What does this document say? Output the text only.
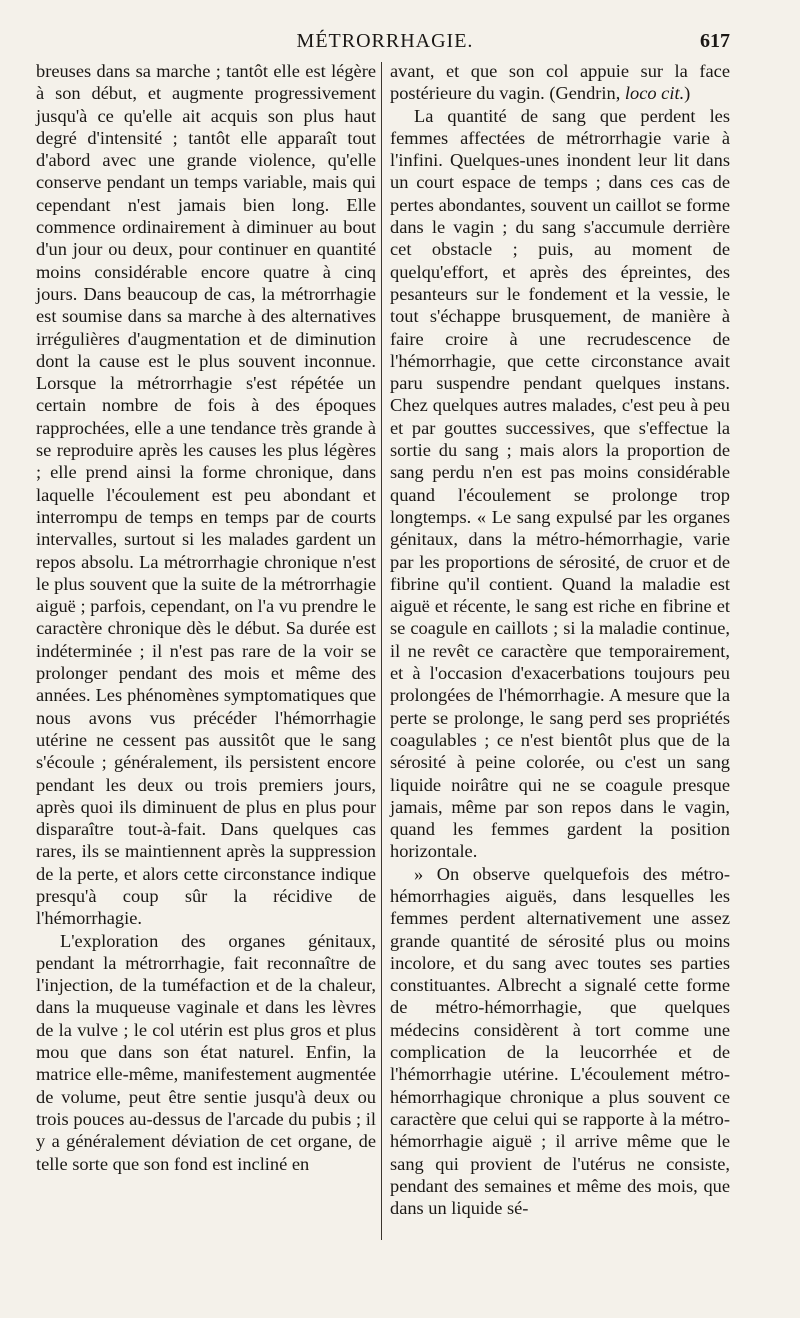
MÉTRORRHAGIE.	617

breuses dans sa marche ; tantôt elle est légère à son début, et augmente progressivement jusqu'à ce qu'elle ait acquis son plus haut degré d'intensité ; tantôt elle apparaît tout d'abord avec une grande violence, qu'elle conserve pendant un temps variable, mais qui cependant n'est jamais bien long. Elle commence ordinairement à diminuer au bout d'un jour ou deux, pour continuer en quantité moins considérable encore quatre à cinq jours. Dans beaucoup de cas, la métrorrhagie est soumise dans sa marche à des alternatives irrégulières d'augmentation et de diminution dont la cause est le plus souvent inconnue. Lorsque la métrorrhagie s'est répétée un certain nombre de fois à des époques rapprochées, elle a une tendance très grande à se reproduire après les causes les plus légères ; elle prend ainsi la forme chronique, dans laquelle l'écoulement est peu abondant et interrompu de temps en temps par de courts intervalles, surtout si les malades gardent un repos absolu. La métrorrhagie chronique n'est le plus souvent que la suite de la métrorrhagie aiguë ; parfois, cependant, on l'a vu prendre le caractère chronique dès le début. Sa durée est indéterminée ; il n'est pas rare de la voir se prolonger pendant des mois et même des années. Les phénomènes symptomatiques que nous avons vus précéder l'hémorrhagie utérine ne cessent pas aussitôt que le sang s'écoule ; généralement, ils persistent encore pendant les deux ou trois premiers jours, après quoi ils diminuent de plus en plus pour disparaître tout-à-fait. Dans quelques cas rares, ils se maintiennent après la suppression de la perte, et alors cette circonstance indique presqu'à coup sûr la récidive de l'hémorrhagie.

L'exploration des organes génitaux, pendant la métrorrhagie, fait reconnaître de l'injection, de la tuméfaction et de la chaleur, dans la muqueuse vaginale et dans les lèvres de la vulve ; le col utérin est plus gros et plus mou que dans son état naturel. Enfin, la matrice elle-même, manifestement augmentée de volume, peut être sentie jusqu'à deux ou trois pouces au-dessus de l'arcade du pubis ; il y a généralement déviation de cet organe, de telle sorte que son fond est incliné en

avant, et que son col appuie sur la face postérieure du vagin. (Gendrin, loco cit.)

La quantité de sang que perdent les femmes affectées de métrorrhagie varie à l'infini. Quelques-unes inondent leur lit dans un court espace de temps ; dans ces cas de pertes abondantes, souvent un caillot se forme dans le vagin ; du sang s'accumule derrière cet obstacle ; puis, au moment de quelqu'effort, et après des épreintes, des pesanteurs sur le fondement et la vessie, le tout s'échappe brusquement, de manière à faire croire à une recrudescence de l'hémorrhagie, que cette circonstance avait paru suspendre pendant quelques instans. Chez quelques autres malades, c'est peu à peu et par gouttes successives, que s'effectue la sortie du sang ; mais alors la proportion de sang perdu n'en est pas moins considérable quand l'écoulement se prolonge trop longtemps. « Le sang expulsé par les organes génitaux, dans la métro-hémorrhagie, varie par les proportions de sérosité, de cruor et de fibrine qu'il contient. Quand la maladie est aiguë et récente, le sang est riche en fibrine et se coagule en caillots ; si la maladie continue, il ne revêt ce caractère que temporairement, et à l'occasion d'exacerbations toujours peu prolongées de l'hémorrhagie. A mesure que la perte se prolonge, le sang perd ses propriétés coagulables ; ce n'est bientôt plus que de la sérosité à peine colorée, ou c'est un sang liquide noirâtre qui ne se coagule presque jamais, même par son repos dans le vagin, quand les femmes gardent la position horizontale.

» On observe quelquefois des métro-hémorrhagies aiguës, dans lesquelles les femmes perdent alternativement une assez grande quantité de sérosité plus ou moins incolore, et du sang avec toutes ses parties constituantes. Albrecht a signalé cette forme de métro-hémorrhagie, que quelques médecins considèrent à tort comme une complication de la leucorrhée et de l'hémorrhagie utérine. L'écoulement métro-hémorrhagique chronique a plus souvent ce caractère que celui qui se rapporte à la métro-hémorrhagie aiguë ; il arrive même que le sang qui provient de l'utérus ne consiste, pendant des semaines et même des mois, que dans un liquide sé-
